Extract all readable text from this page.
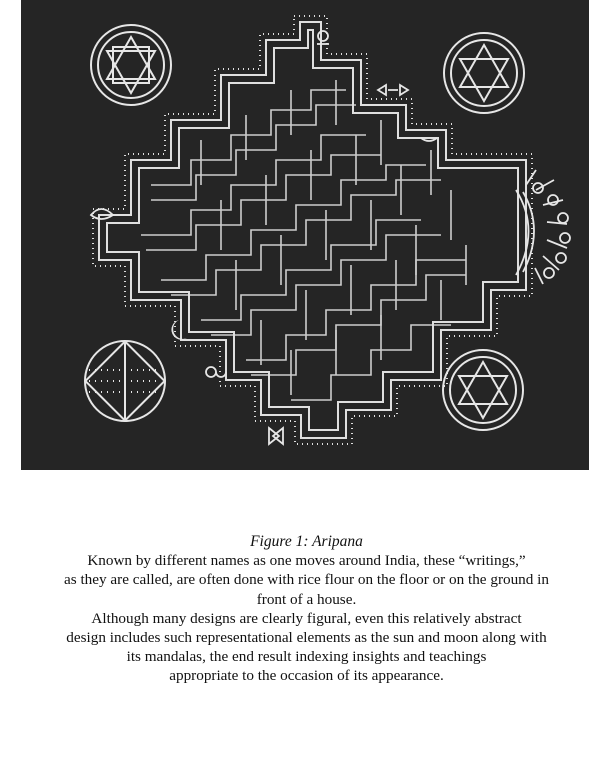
Figure 1: Aripana
Known by different names as one moves around India, these “writings,”
as they are called, are often done with rice flour on the floor or on the ground in
front of a house.
Although many designs are clearly figural, even this relatively abstract
design includes such representational elements as the sun and moon along with
its mandalas, the end result indexing insights and teachings
appropriate to the occasion of its appearance.
